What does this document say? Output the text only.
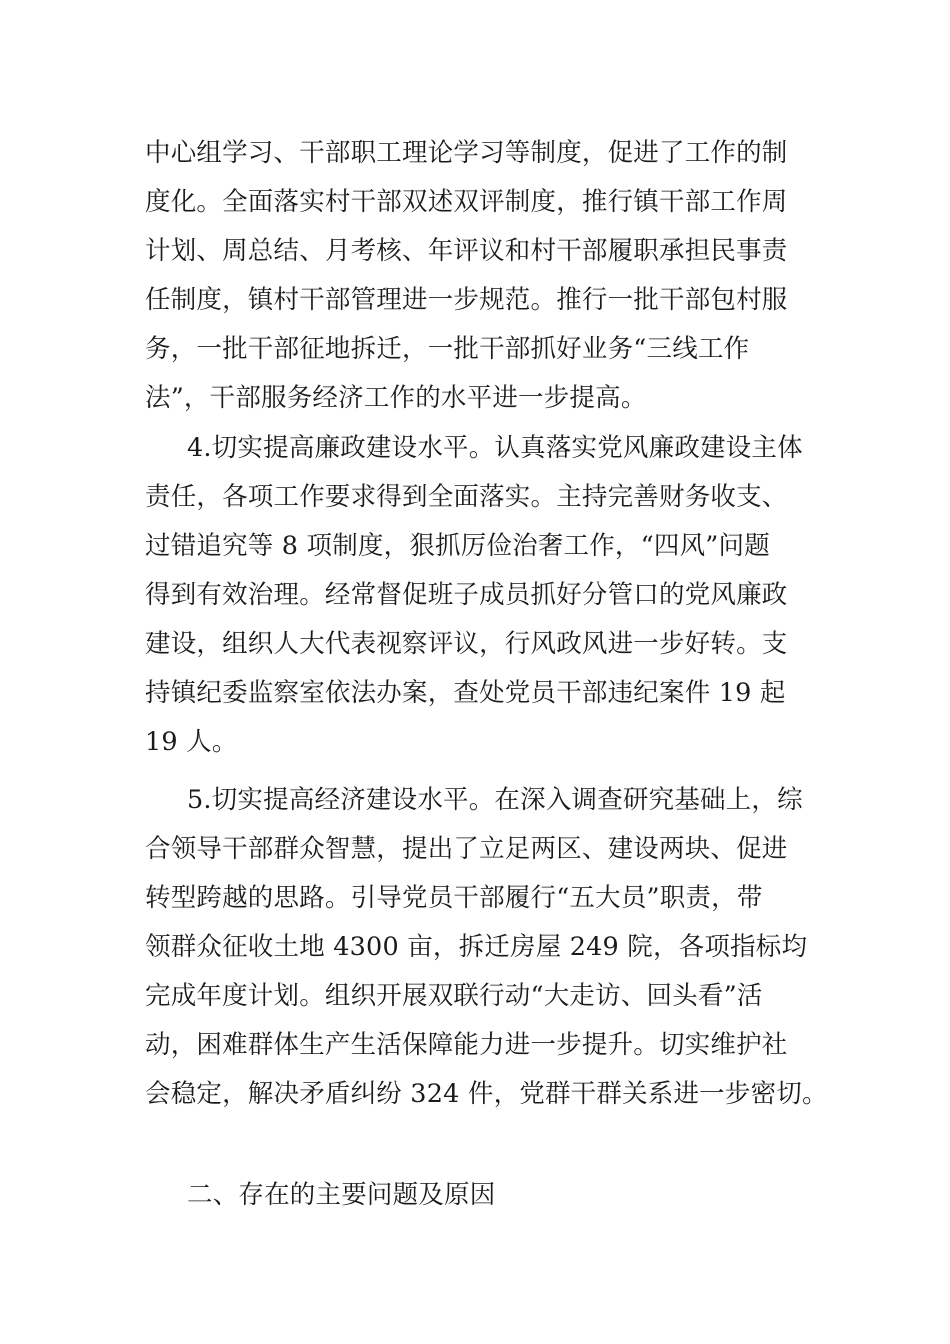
中心组学习、干部职工理论学习等制度，促进了工作的制
度化。全面落实村干部双述双评制度，推行镇干部工作周
计划、周总结、月考核、年评议和村干部履职承担民事责
任制度，镇村干部管理进一步规范。推行一批干部包村服
务，一批干部征地拆迁，一批干部抓好业务“三线工作
法”，干部服务经济工作的水平进一步提高。
4.切实提高廉政建设水平。认真落实党风廉政建设主体
责任，各项工作要求得到全面落实。主持完善财务收支、
过错追究等 8 项制度，狠抓厉俭治奢工作，“四风”问题
得到有效治理。经常督促班子成员抓好分管口的党风廉政
建设，组织人大代表视察评议，行风政风进一步好转。支
持镇纪委监察室依法办案，查处党员干部违纪案件 19 起
19 人。
5.切实提高经济建设水平。在深入调查研究基础上，综
合领导干部群众智慧，提出了立足两区、建设两块、促进
转型跨越的思路。引导党员干部履行“五大员”职责，带
领群众征收土地 4300 亩，拆迁房屋 249 院，各项指标均
完成年度计划。组织开展双联行动“大走访、回头看”活
动，困难群体生产生活保障能力进一步提升。切实维护社
会稳定，解决矛盾纠纷 324 件，党群干群关系进一步密切。
二、存在的主要问题及原因
